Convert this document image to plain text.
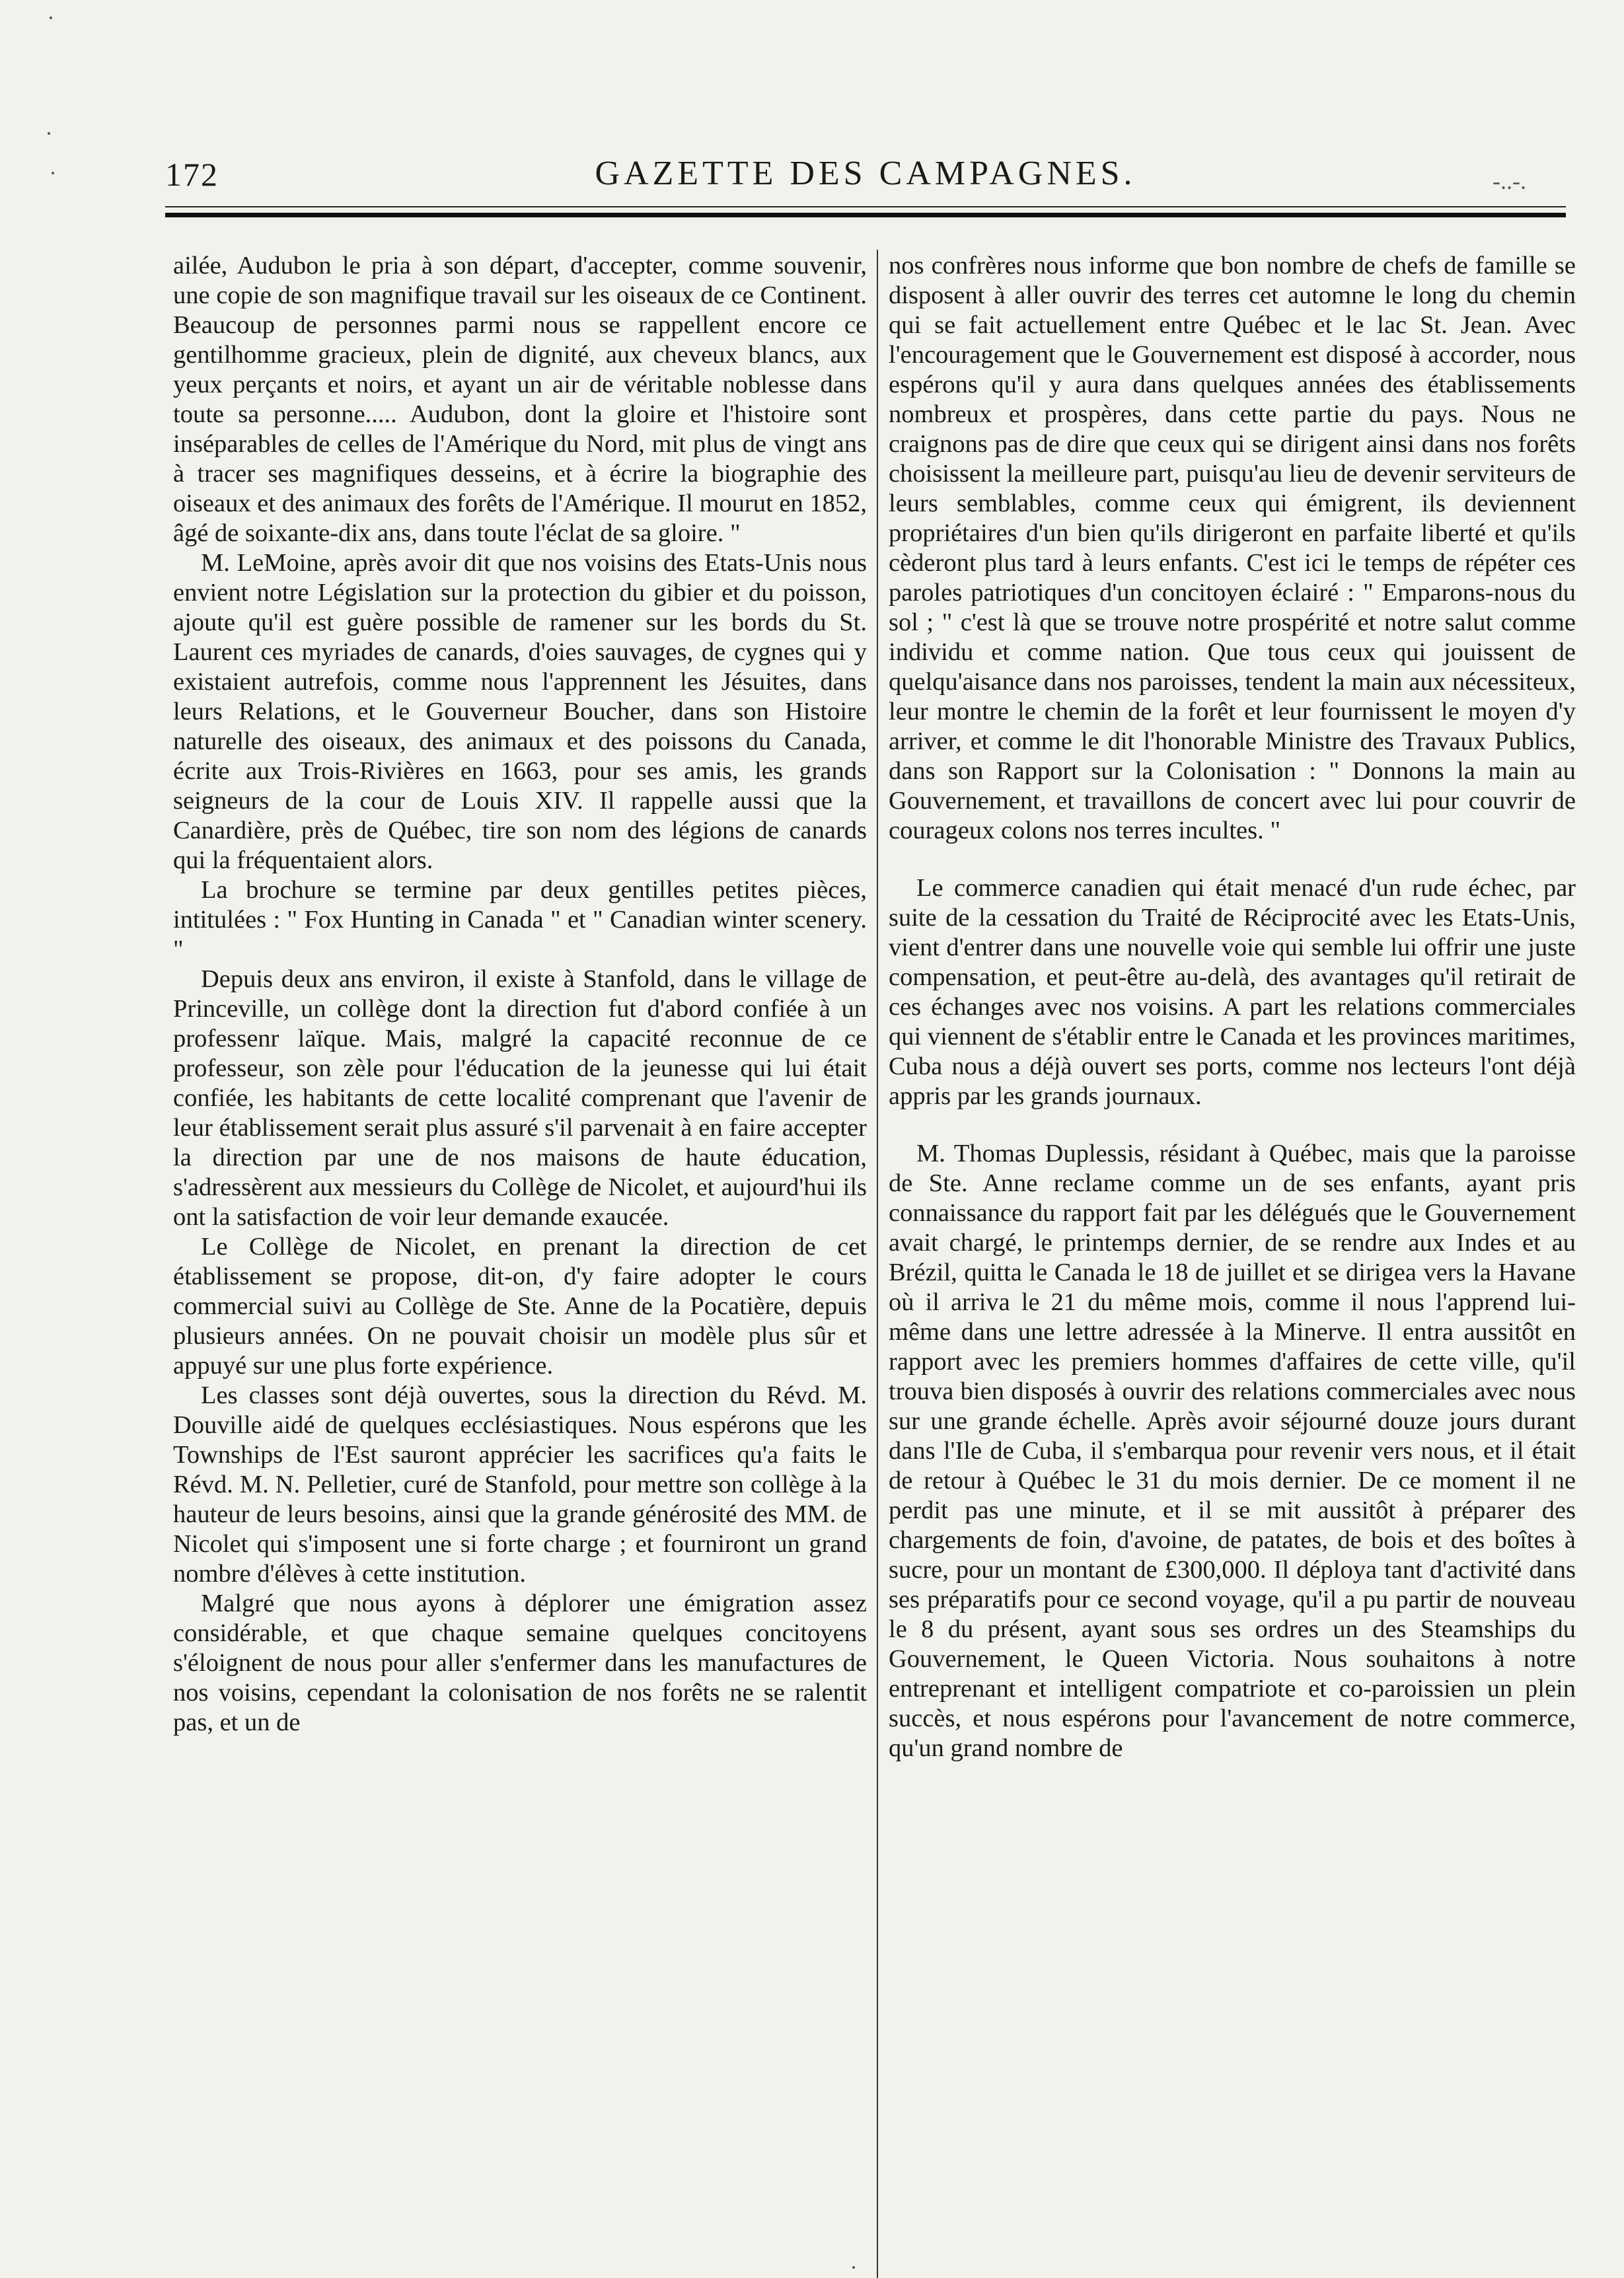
172	GAZETTE DES CAMPAGNES.	-..-.

ailée, Audubon le pria à son départ, d'accepter, comme souvenir, une copie de son magnifique travail sur les oiseaux de ce Continent. Beaucoup de personnes parmi nous se rappellent encore ce gentilhomme gracieux, plein de dignité, aux cheveux blancs, aux yeux perçants et noirs, et ayant un air de véritable noblesse dans toute sa personne..... Audubon, dont la gloire et l'histoire sont inséparables de celles de l'Amérique du Nord, mit plus de vingt ans à tracer ses magnifiques desseins, et à écrire la biographie des oiseaux et des animaux des forêts de l'Amérique. Il mourut en 1852, âgé de soixante-dix ans, dans toute l'éclat de sa gloire. "

M. LeMoine, après avoir dit que nos voisins des Etats-Unis nous envient notre Législation sur la protection du gibier et du poisson, ajoute qu'il est guère possible de ramener sur les bords du St. Laurent ces myriades de canards, d'oies sauvages, de cygnes qui y existaient autrefois, comme nous l'apprennent les Jésuites, dans leurs Relations, et le Gouverneur Boucher, dans son Histoire naturelle des oiseaux, des animaux et des poissons du Canada, écrite aux Trois-Rivières en 1663, pour ses amis, les grands seigneurs de la cour de Louis XIV. Il rappelle aussi que la Canardière, près de Québec, tire son nom des légions de canards qui la fréquentaient alors.

La brochure se termine par deux gentilles petites pièces, intitulées : " Fox Hunting in Canada " et " Canadian winter scenery. "

Depuis deux ans environ, il existe à Stanfold, dans le village de Princeville, un collège dont la direction fut d'abord confiée à un professenr laïque. Mais, malgré la capacité reconnue de ce professeur, son zèle pour l'éducation de la jeunesse qui lui était confiée, les habitants de cette localité comprenant que l'avenir de leur établissement serait plus assuré s'il parvenait à en faire accepter la direction par une de nos maisons de haute éducation, s'adressèrent aux messieurs du Collège de Nicolet, et aujourd'hui ils ont la satisfaction de voir leur demande exaucée.

Le Collège de Nicolet, en prenant la direction de cet établissement se propose, dit-on, d'y faire adopter le cours commercial suivi au Collège de Ste. Anne de la Pocatière, depuis plusieurs années. On ne pouvait choisir un modèle plus sûr et appuyé sur une plus forte expérience.

Les classes sont déjà ouvertes, sous la direction du Révd. M. Douville aidé de quelques ecclésiastiques. Nous espérons que les Townships de l'Est sauront apprécier les sacrifices qu'a faits le Révd. M. N. Pelletier, curé de Stanfold, pour mettre son collège à la hauteur de leurs besoins, ainsi que la grande générosité des MM. de Nicolet qui s'imposent une si forte charge ; et fourniront un grand nombre d'élèves à cette institution.

Malgré que nous ayons à déplorer une émigration assez considérable, et que chaque semaine quelques concitoyens s'éloignent de nous pour aller s'enfermer dans les manufactures de nos voisins, cependant la colonisation de nos forêts ne se ralentit pas, et un de

nos confrères nous informe que bon nombre de chefs de famille se disposent à aller ouvrir des terres cet automne le long du chemin qui se fait actuellement entre Québec et le lac St. Jean. Avec l'encouragement que le Gouvernement est disposé à accorder, nous espérons qu'il y aura dans quelques années des établissements nombreux et prospères, dans cette partie du pays. Nous ne craignons pas de dire que ceux qui se dirigent ainsi dans nos forêts choisissent la meilleure part, puisqu'au lieu de devenir serviteurs de leurs semblables, comme ceux qui émigrent, ils deviennent propriétaires d'un bien qu'ils dirigeront en parfaite liberté et qu'ils cèderont plus tard à leurs enfants. C'est ici le temps de répéter ces paroles patriotiques d'un concitoyen éclairé : " Emparons-nous du sol ; " c'est là que se trouve notre prospérité et notre salut comme individu et comme nation. Que tous ceux qui jouissent de quelqu'aisance dans nos paroisses, tendent la main aux nécessiteux, leur montre le chemin de la forêt et leur fournissent le moyen d'y arriver, et comme le dit l'honorable Ministre des Travaux Publics, dans son Rapport sur la Colonisation : " Donnons la main au Gouvernement, et travaillons de concert avec lui pour couvrir de courageux colons nos terres incultes. "

Le commerce canadien qui était menacé d'un rude échec, par suite de la cessation du Traité de Réciprocité avec les Etats-Unis, vient d'entrer dans une nouvelle voie qui semble lui offrir une juste compensation, et peut-être au-delà, des avantages qu'il retirait de ces échanges avec nos voisins. A part les relations commerciales qui viennent de s'établir entre le Canada et les provinces maritimes, Cuba nous a déjà ouvert ses ports, comme nos lecteurs l'ont déjà appris par les grands journaux.

M. Thomas Duplessis, résidant à Québec, mais que la paroisse de Ste. Anne reclame comme un de ses enfants, ayant pris connaissance du rapport fait par les délégués que le Gouvernement avait chargé, le printemps dernier, de se rendre aux Indes et au Brézil, quitta le Canada le 18 de juillet et se dirigea vers la Havane où il arriva le 21 du même mois, comme il nous l'apprend lui-même dans une lettre adressée à la Minerve. Il entra aussitôt en rapport avec les premiers hommes d'affaires de cette ville, qu'il trouva bien disposés à ouvrir des relations commerciales avec nous sur une grande échelle. Après avoir séjourné douze jours durant dans l'Ile de Cuba, il s'embarqua pour revenir vers nous, et il était de retour à Québec le 31 du mois dernier. De ce moment il ne perdit pas une minute, et il se mit aussitôt à préparer des chargements de foin, d'avoine, de patates, de bois et des boîtes à sucre, pour un montant de £300,000. Il déploya tant d'activité dans ses préparatifs pour ce second voyage, qu'il a pu partir de nouveau le 8 du présent, ayant sous ses ordres un des Steamships du Gouvernement, le Queen Victoria. Nous souhaitons à notre entreprenant et intelligent compatriote et co-paroissien un plein succès, et nous espérons pour l'avancement de notre commerce, qu'un grand nombre de
